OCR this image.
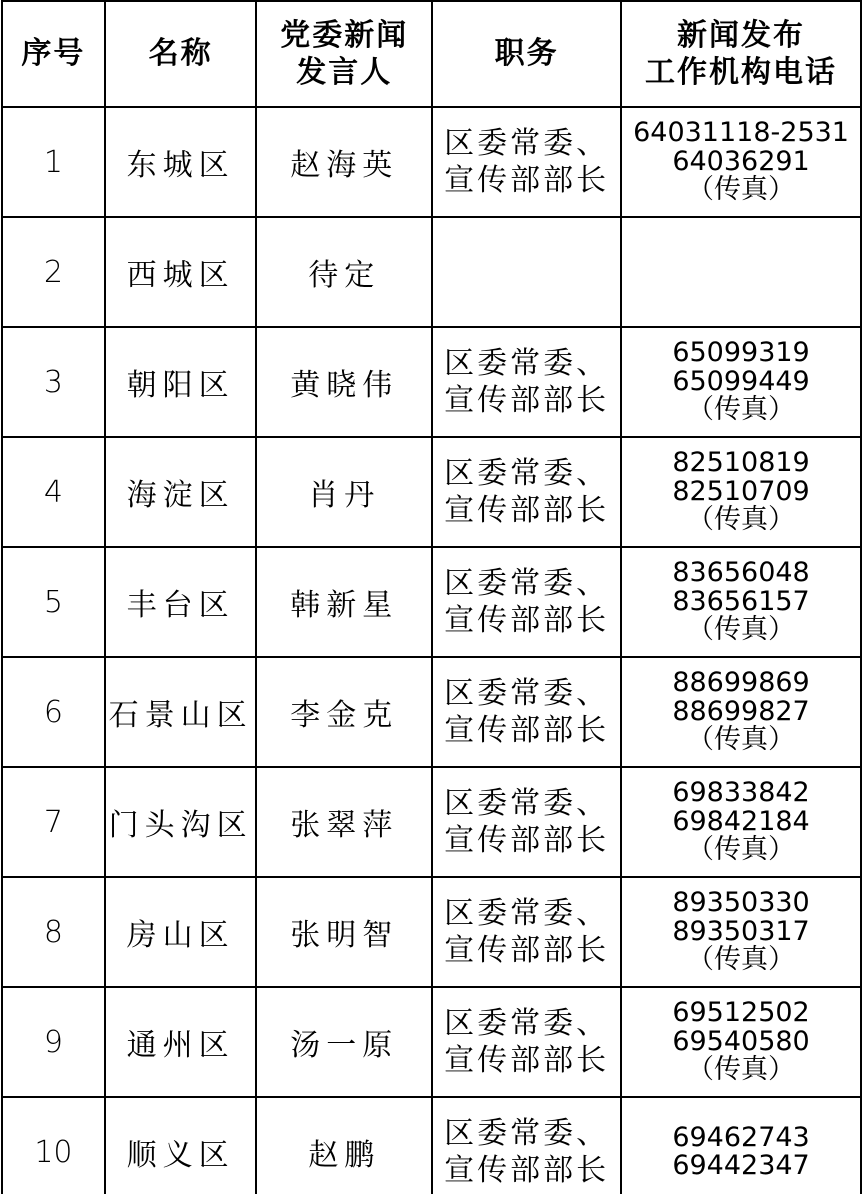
序号	名称	党委新闻
发言人	职务	新闻发布
工作机构电话

1	东城区	赵海英	区委常委、
宣传部部长	64031118-2531
64036291
（传真）

2	西城区	待定		
3	朝阳区	黄晓伟	区委常委、
宣传部部长	65099319
65099449
（传真）

4	海淀区	肖丹	区委常委、
宣传部部长	82510819
82510709
（传真）

5	丰台区	韩新星	区委常委、
宣传部部长	83656048
83656157
（传真）

6	石景山区	李金克	区委常委、
宣传部部长	88699869
88699827
（传真）

7	门头沟区	张翠萍	区委常委、
宣传部部长	69833842
69842184
（传真）

8	房山区	张明智	区委常委、
宣传部部长	89350330
89350317
（传真）

9	通州区	汤一原	区委常委、
宣传部部长	69512502
69540580
（传真）

10	顺义区	赵鹏	区委常委、
宣传部部长	69462743
69442347
